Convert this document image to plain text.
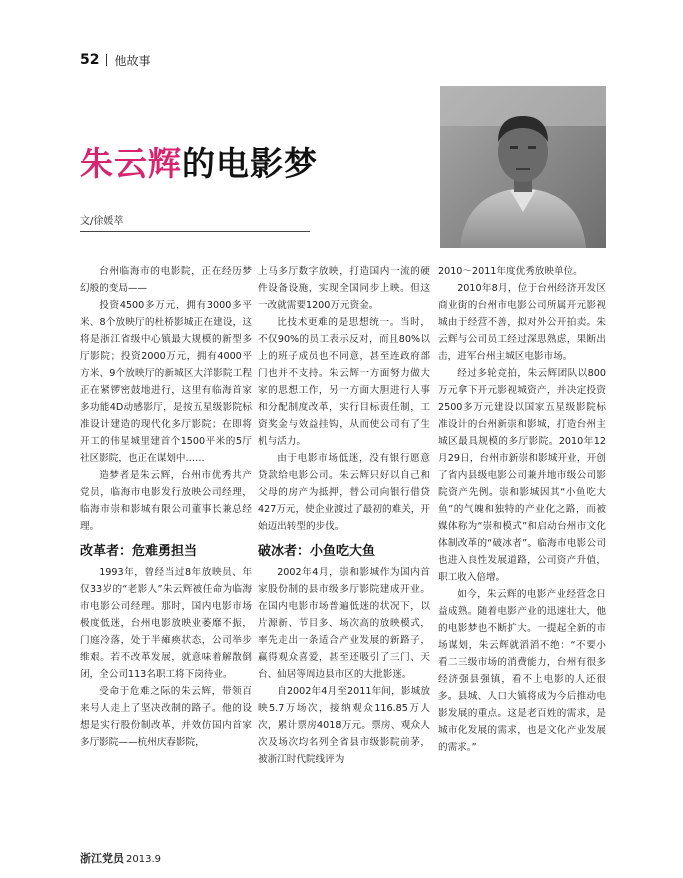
52 他故事
朱云辉的电影梦
文/徐媛萃

台州临海市的电影院，正在经历梦幻般的变局——

投资4500多万元，拥有3000多平米、8个放映厅的杜桥影城正在建设，这将是浙江省级中心镇最大规模的新型多厅影院；投资2000万元，拥有4000平方米、9个放映厅的新城区大洋影院工程正在紧锣密鼓地进行，这里有临海首家多功能4D动感影厅，是按五星级影院标准设计建造的现代化多厅影院；在即将开工的伟星城里建首个1500平米的5厅社区影院，也正在谋划中……

造梦者是朱云辉，台州市优秀共产党员，临海市电影发行放映公司经理，临海市崇和影城有限公司董事长兼总经理。

改革者：危难勇担当

1993年，曾经当过8年放映员、年仅33岁的“老影人”朱云辉被任命为临海市电影公司经理。那时，国内电影市场极度低迷，台州电影放映业萎靡不振，门庭冷落，处于半瘫痪状态，公司举步维艰。若不改革发展，就意味着解散倒闭，全公司113名职工将下岗待业。

受命于危难之际的朱云辉，带领百来号人走上了坚决改制的路子。他的设想是实行股份制改革，并效仿国内首家多厅影院——杭州庆春影院，

上马多厅数字放映，打造国内一流的硬件设备设施，实现全国同步上映。但这一改就需要1200万元资金。

比技术更难的是思想统一。当时，不仅90%的员工表示反对，而且80%以上的班子成员也不同意，甚至连政府部门也并不支持。朱云辉一方面努力做大家的思想工作，另一方面大胆进行人事和分配制度改革，实行目标责任制，工资奖金与效益挂钩，从而使公司有了生机与活力。

由于电影市场低迷，没有银行愿意贷款给电影公司。朱云辉只好以自己和父母的房产为抵押，替公司向银行借贷427万元，使企业渡过了最初的难关，开始迈出转型的步伐。

破冰者：小鱼吃大鱼

2002年4月，崇和影城作为国内首家股份制的县市级多厅影院建成开业。在国内电影市场普遍低迷的状况下，以片源新、节目多、场次高的放映模式，率先走出一条适合产业发展的新路子，赢得观众喜爱，甚至还吸引了三门、天台、仙居等周边县市区的大批影迷。

自2002年4月至2011年间，影城放映5.7万场次，接纳观众116.85万人次，累计票房4018万元。票房、观众人次及场次均名列全省县市级影院前茅，被浙江时代院线评为

2010～2011年度优秀放映单位。

2010年8月，位于台州经济开发区商业街的台州市电影公司所属开元影视城由于经营不善，拟对外公开拍卖。朱云辉与公司员工经过深思熟虑，果断出击，进军台州主城区电影市场。

经过多轮竞拍，朱云辉团队以800万元拿下开元影视城资产，并决定投资2500多万元建设以国家五星级影院标准设计的台州新崇和影城，打造台州主城区最具规模的多厅影院。2010年12月29日，台州市新崇和影城开业，开创了省内县级电影公司兼并地市级公司影院资产先例。崇和影城因其“小鱼吃大鱼”的气魄和独特的产业化之路，而被媒体称为“崇和模式”和启动台州市文化体制改革的“破冰者”。临海市电影公司也进入良性发展道路，公司资产升值，职工收入倍增。

如今，朱云辉的电影产业经营念日益成熟。随着电影产业的迅速壮大，他的电影梦也不断扩大。一提起全新的市场谋划，朱云辉就滔滔不绝：“不要小看二三级市场的消费能力，台州有很多经济强县强镇，看不上电影的人还很多。县城、人口大镇将成为今后推动电影发展的重点。这是老百姓的需求，是城市化发展的需求，也是文化产业发展的需求。”

浙江党员 2013.9
